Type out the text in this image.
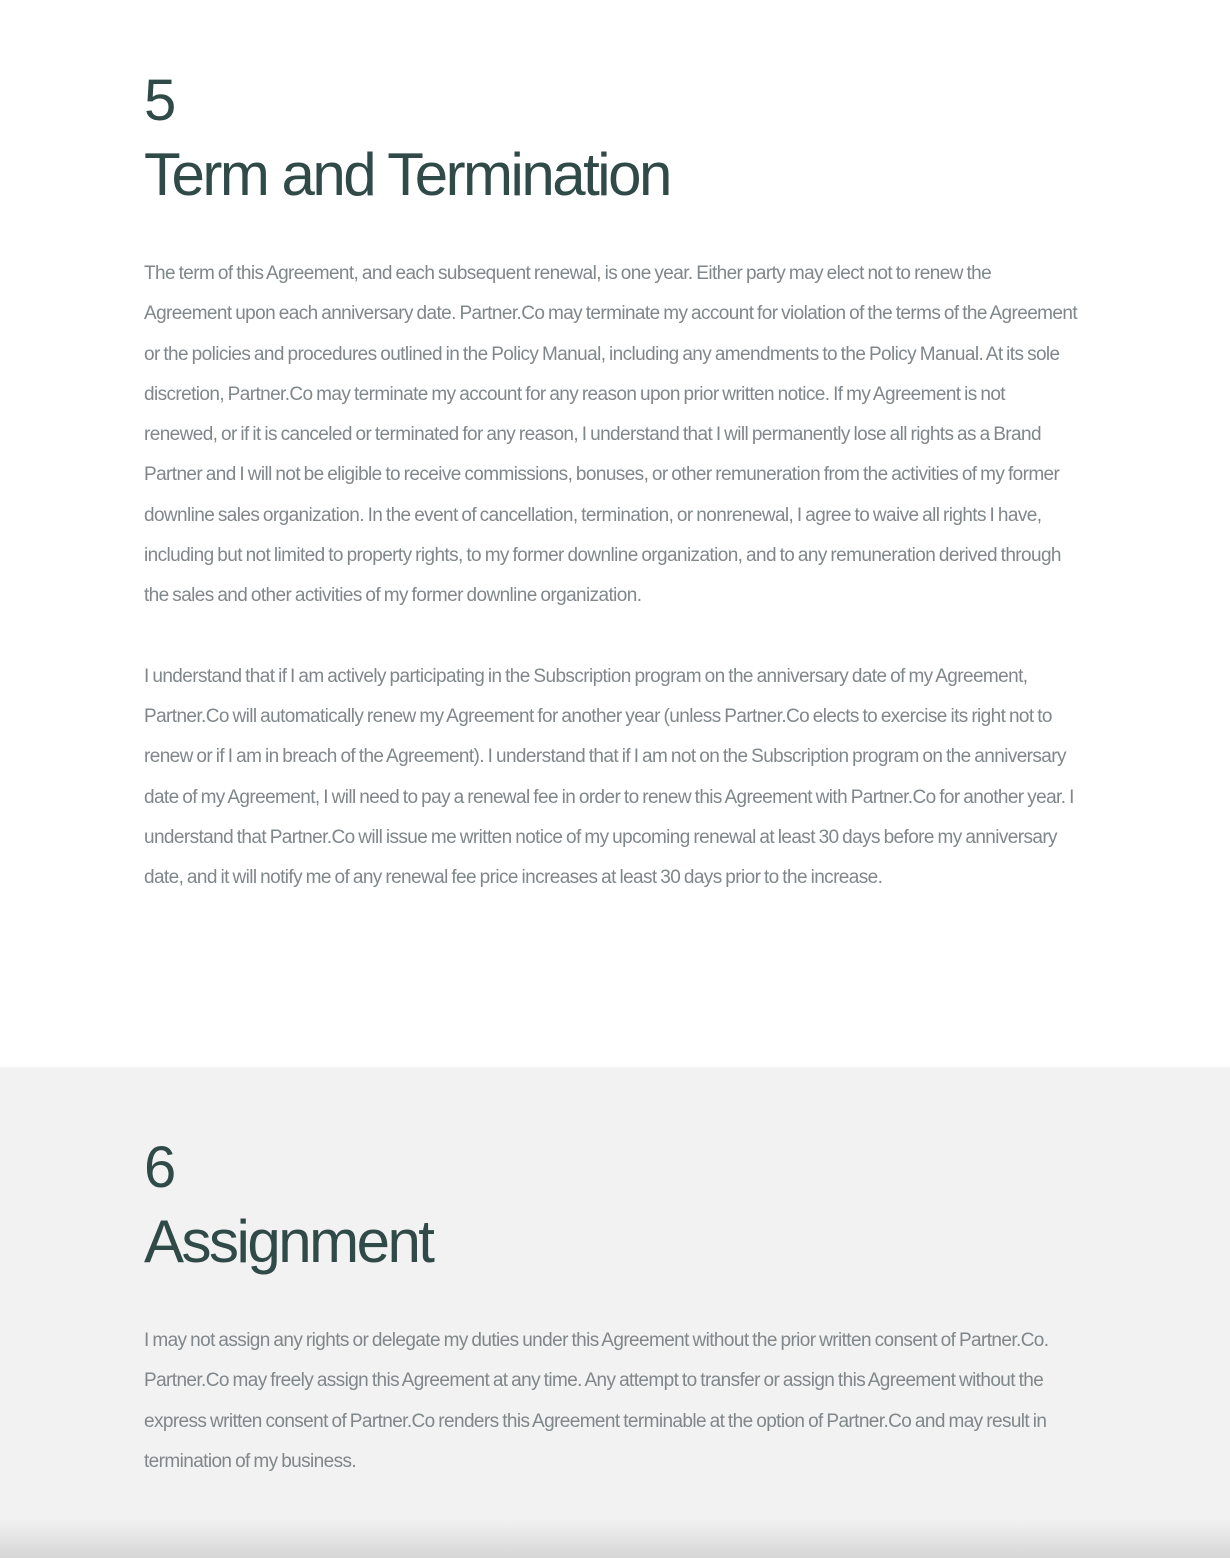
5
Term and Termination

The term of this Agreement, and each subsequent renewal, is one year. Either party may elect not to renew the Agreement upon each anniversary date. Partner.Co may terminate my account for violation of the terms of the Agreement or the policies and procedures outlined in the Policy Manual, including any amendments to the Policy Manual. At its sole discretion, Partner.Co may terminate my account for any reason upon prior written notice. If my Agreement is not renewed, or if it is canceled or terminated for any reason, I understand that I will permanently lose all rights as a Brand Partner and I will not be eligible to receive commissions, bonuses, or other remuneration from the activities of my former downline sales organization. In the event of cancellation, termination, or nonrenewal, I agree to waive all rights I have, including but not limited to property rights, to my former downline organization, and to any remuneration derived through the sales and other activities of my former downline organization.

I understand that if I am actively participating in the Subscription program on the anniversary date of my Agreement, Partner.Co will automatically renew my Agreement for another year (unless Partner.Co elects to exercise its right not to renew or if I am in breach of the Agreement). I understand that if I am not on the Subscription program on the anniversary date of my Agreement, I will need to pay a renewal fee in order to renew this Agreement with Partner.Co for another year. I understand that Partner.Co will issue me written notice of my upcoming renewal at least 30 days before my anniversary date, and it will notify me of any renewal fee price increases at least 30 days prior to the increase.

6
Assignment

I may not assign any rights or delegate my duties under this Agreement without the prior written consent of Partner.Co. Partner.Co may freely assign this Agreement at any time. Any attempt to transfer or assign this Agreement without the express written consent of Partner.Co renders this Agreement terminable at the option of Partner.Co and may result in termination of my business.
